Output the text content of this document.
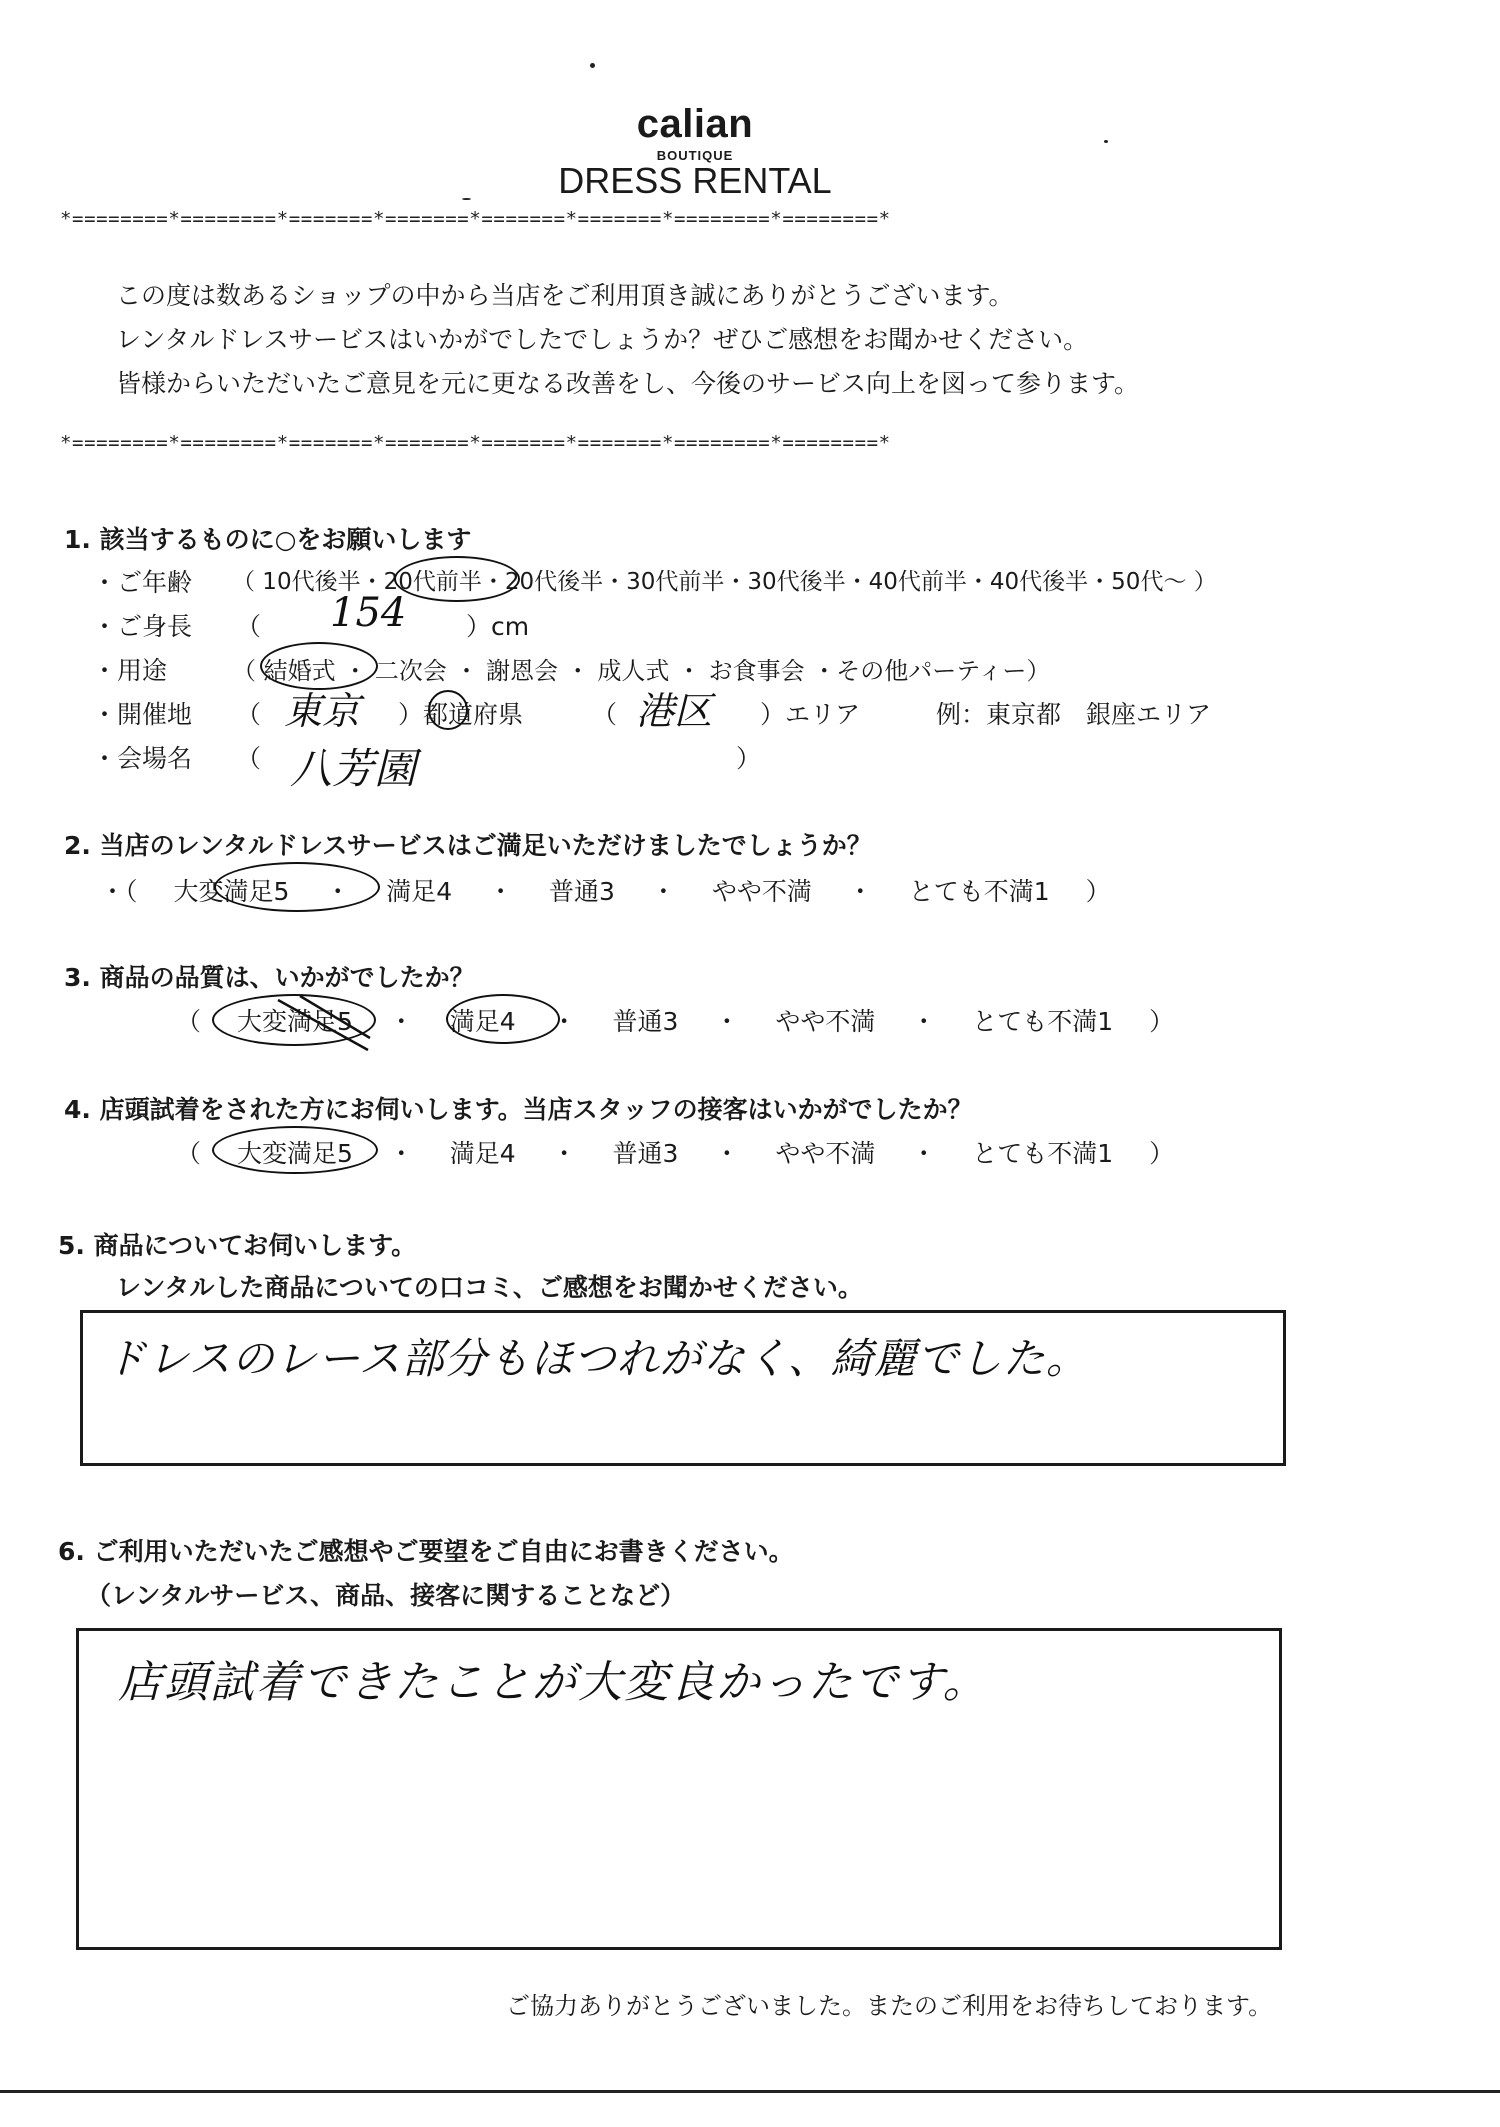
calian
BOUTIQUE
DRESS RENTAL
*========*========*=======*=======*=======*=======*========*========*
この度は数あるショップの中から当店をご利用頂き誠にありがとうございます。
レンタルドレスサービスはいかがでしたでしょうか？ぜひご感想をお聞かせください。
皆様からいただいたご意見を元に更なる改善をし、今後のサービス向上を図って参ります。
*========*========*=======*=======*=======*=======*========*========*
1. 該当するものに○をお願いします
・ご年齢 （ 10代後半・20代前半・20代後半・30代前半・30代後半・40代前半・40代後半・50代〜 ）
・ご身長 （ 154 ）cm
・用途	（ 結婚式 ・ 二次会 ・ 謝恩会 ・ 成人式 ・ お食事会 ・その他パーティー）
・開催地 （ 東京 ）都道府県	（ 港区 ）エリア	例：東京都　銀座エリア
・会場名 （ 八芳園	）
2. 当店のレンタルドレスサービスはご満足いただけましたでしょうか？
・（ 大変満足5 ・ 満足4 ・ 普通3 ・ やや不満 ・ とても不満1 ）
3. 商品の品質は、いかがでしたか？
（ 大変満足5 ・ 満足4 ・ 普通3 ・ やや不満 ・ とても不満1 ）
4. 店頭試着をされた方にお伺いします。当店スタッフの接客はいかがでしたか？
（ 大変満足5 ・ 満足4 ・ 普通3 ・ やや不満 ・ とても不満1 ）
5. 商品についてお伺いします。
レンタルした商品についての口コミ、ご感想をお聞かせください。
ドレスのレース部分もほつれがなく、綺麗でした。
6. ご利用いただいたご感想やご要望をご自由にお書きください。
（レンタルサービス、商品、接客に関することなど）
店頭試着できたことが大変良かったです。
ご協力ありがとうございました。またのご利用をお待ちしております。
